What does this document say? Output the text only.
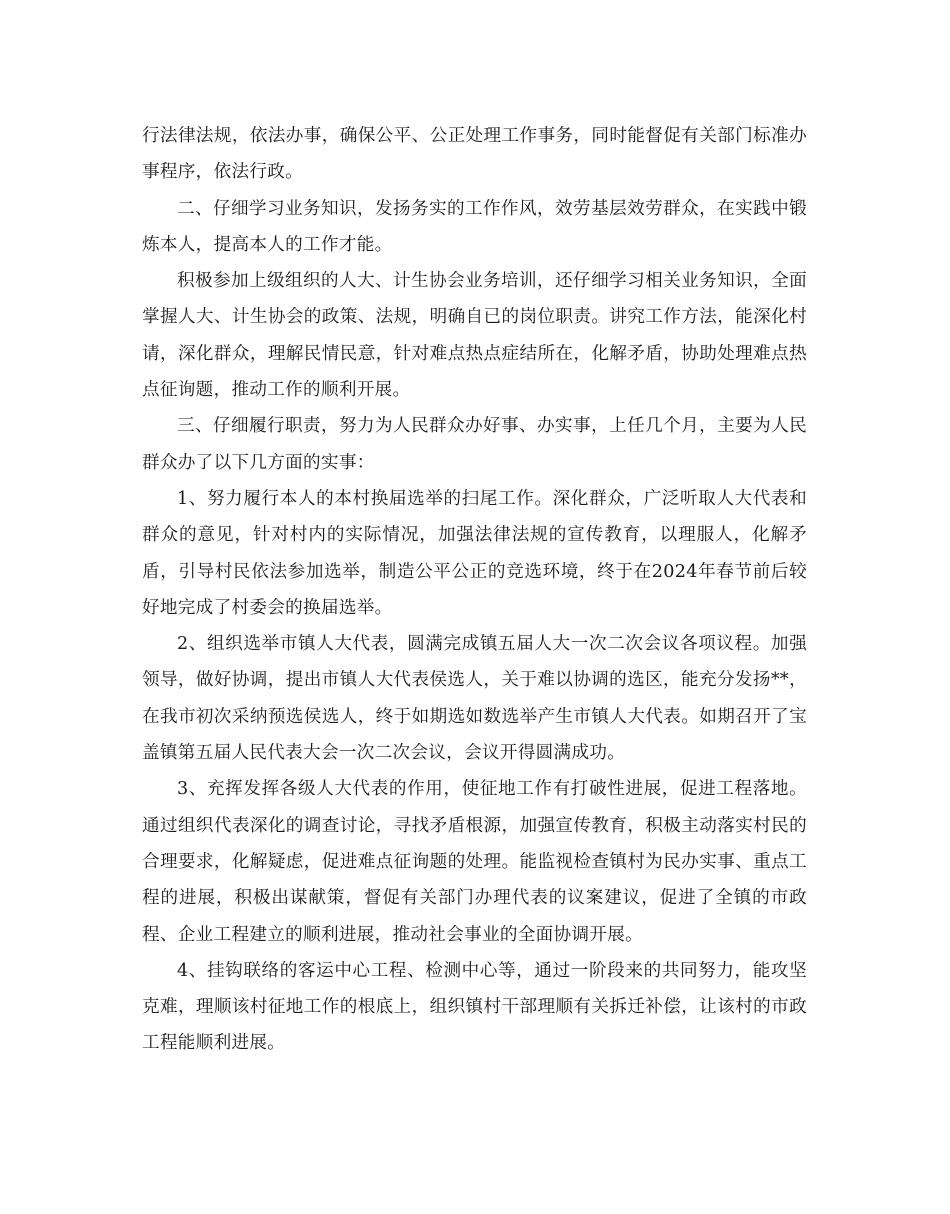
行法律法规，依法办事，确保公平、公正处理工作事务，同时能督促有关部门标准办事程序，依法行政。

二、仔细学习业务知识，发扬务实的工作作风，效劳基层效劳群众，在实践中锻炼本人，提高本人的工作才能。

积极参加上级组织的人大、计生协会业务培训，还仔细学习相关业务知识，全面掌握人大、计生协会的政策、法规，明确自已的岗位职责。讲究工作方法，能深化村请，深化群众，理解民情民意，针对难点热点症结所在，化解矛盾，协助处理难点热点征询题，推动工作的顺利开展。

三、仔细履行职责，努力为人民群众办好事、办实事，上任几个月，主要为人民群众办了以下几方面的实事：

1、努力履行本人的本村换届选举的扫尾工作。深化群众，广泛听取人大代表和群众的意见，针对村内的实际情况，加强法律法规的宣传教育，以理服人，化解矛盾，引导村民依法参加选举，制造公平公正的竞选环境，终于在2024年春节前后较好地完成了村委会的换届选举。

2、组织选举市镇人大代表，圆满完成镇五届人大一次二次会议各项议程。加强领导，做好协调，提出市镇人大代表侯选人，关于难以协调的选区，能充分发扬**，在我市初次采纳预选侯选人，终于如期选如数选举产生市镇人大代表。如期召开了宝盖镇第五届人民代表大会一次二次会议，会议开得圆满成功。

3、充挥发挥各级人大代表的作用，使征地工作有打破性进展，促进工程落地。通过组织代表深化的调查讨论，寻找矛盾根源，加强宣传教育，积极主动落实村民的合理要求，化解疑虑，促进难点征询题的处理。能监视检查镇村为民办实事、重点工程的进展，积极出谋献策，督促有关部门办理代表的议案建议，促进了全镇的市政程、企业工程建立的顺利进展，推动社会事业的全面协调开展。

4、挂钩联络的客运中心工程、检测中心等，通过一阶段来的共同努力，能攻坚克难，理顺该村征地工作的根底上，组织镇村干部理顺有关拆迁补偿，让该村的市政工程能顺利进展。
